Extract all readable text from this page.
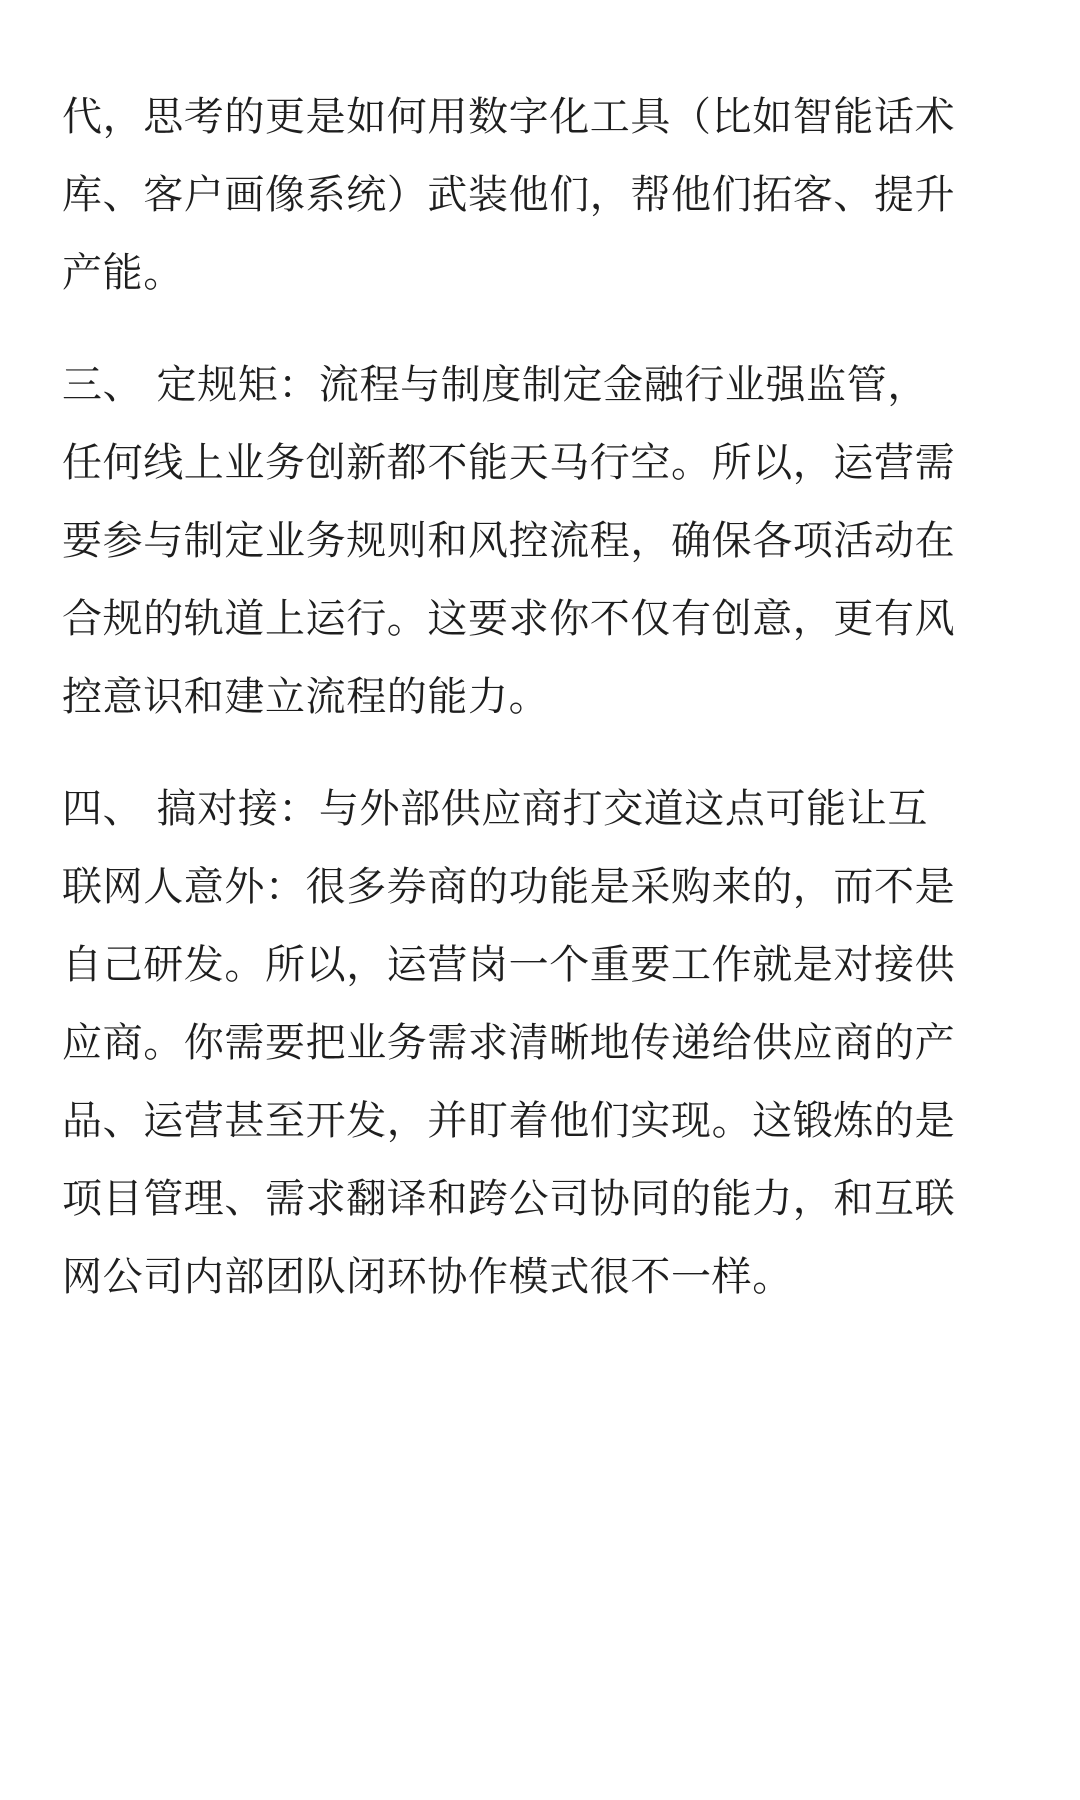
代，思考的更是如何用数字化工具（比如智能话术
库、客户画像系统）武装他们，帮他们拓客、提升
产能。

三、 定规矩：流程与制度制定金融行业强监管，
任何线上业务创新都不能天马行空。所以，运营需
要参与制定业务规则和风控流程，确保各项活动在
合规的轨道上运行。这要求你不仅有创意，更有风
控意识和建立流程的能力。

四、 搞对接：与外部供应商打交道这点可能让互
联网人意外：很多券商的功能是采购来的，而不是
自己研发。所以，运营岗一个重要工作就是对接供
应商。你需要把业务需求清晰地传递给供应商的产
品、运营甚至开发，并盯着他们实现。这锻炼的是
项目管理、需求翻译和跨公司协同的能力，和互联
网公司内部团队闭环协作模式很不一样。
